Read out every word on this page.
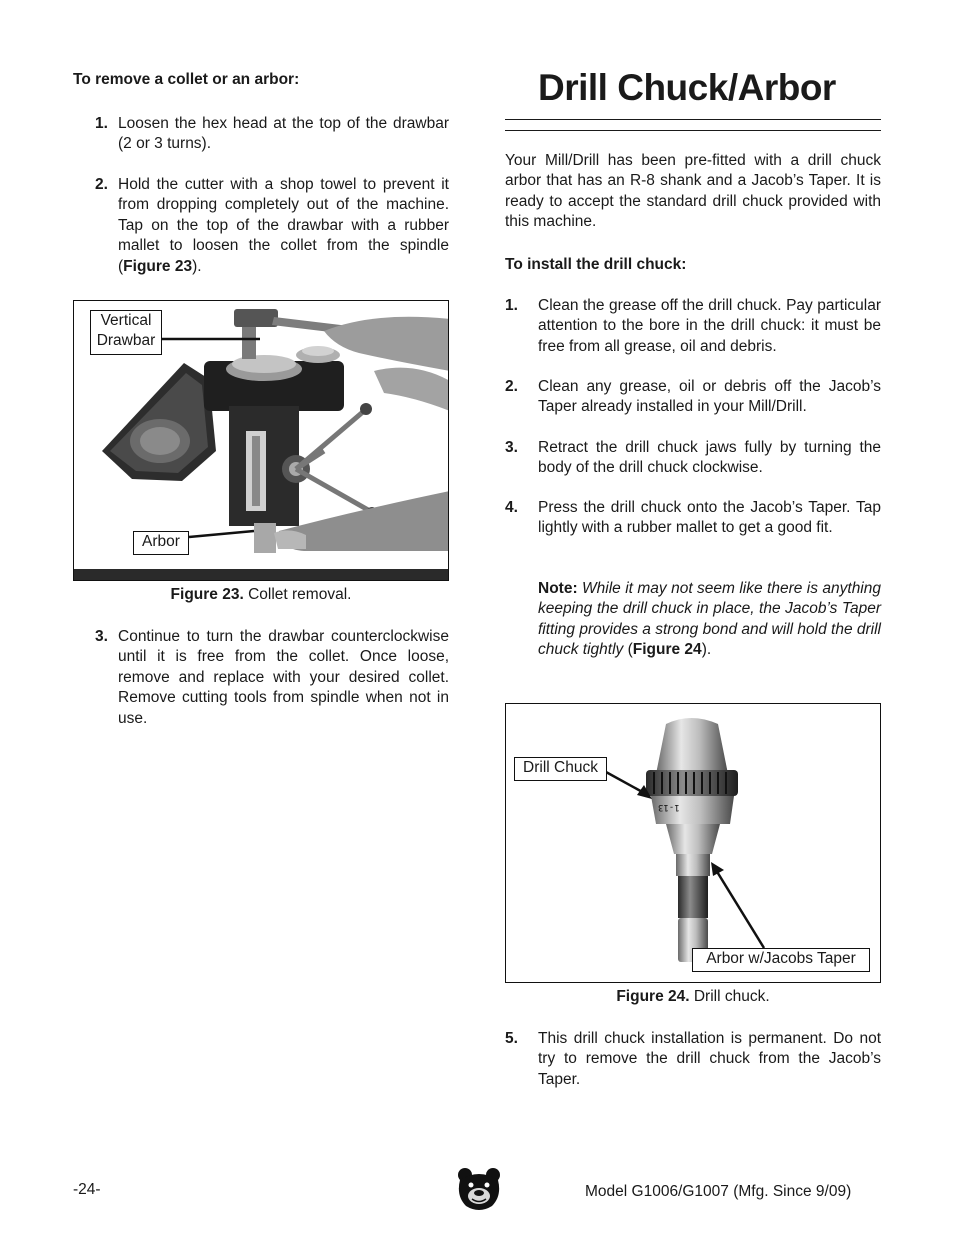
To remove a collet or an arbor:
1. Loosen the hex head at the top of the drawbar (2 or 3 turns).
2. Hold the cutter with a shop towel to prevent it from dropping completely out of the machine. Tap on the top of the drawbar with a rubber mallet to loosen the collet from the spindle (Figure 23).
Vertical Drawbar
Arbor
Figure 23. Collet removal.
3. Continue to turn the drawbar counterclockwise until it is free from the collet. Once loose, remove and replace with your desired collet. Remove cutting tools from spindle when not in use.
Drill Chuck/Arbor
Your Mill/Drill has been pre-fitted with a drill chuck arbor that has an R-8 shank and a Jacob’s Taper. It is ready to accept the standard drill chuck provided with this machine.
To install the drill chuck:
1. Clean the grease off the drill chuck. Pay particular attention to the bore in the drill chuck: it must be free from all grease, oil and debris.
2. Clean any grease, oil or debris off the Jacob’s Taper already installed in your Mill/Drill.
3. Retract the drill chuck jaws fully by turning the body of the drill chuck clockwise.
4. Press the drill chuck onto the Jacob’s Taper. Tap lightly with a rubber mallet to get a good fit.
Note: While it may not seem like there is anything keeping the drill chuck in place, the Jacob’s Taper fitting provides a strong bond and will hold the drill chuck tightly (Figure 24).
1-13
Drill Chuck
Arbor w/Jacobs Taper
Figure 24. Drill chuck.
5. This drill chuck installation is permanent. Do not try to remove the drill chuck from the Jacob’s Taper.
-24-	Model G1006/G1007 (Mfg. Since 9/09)
